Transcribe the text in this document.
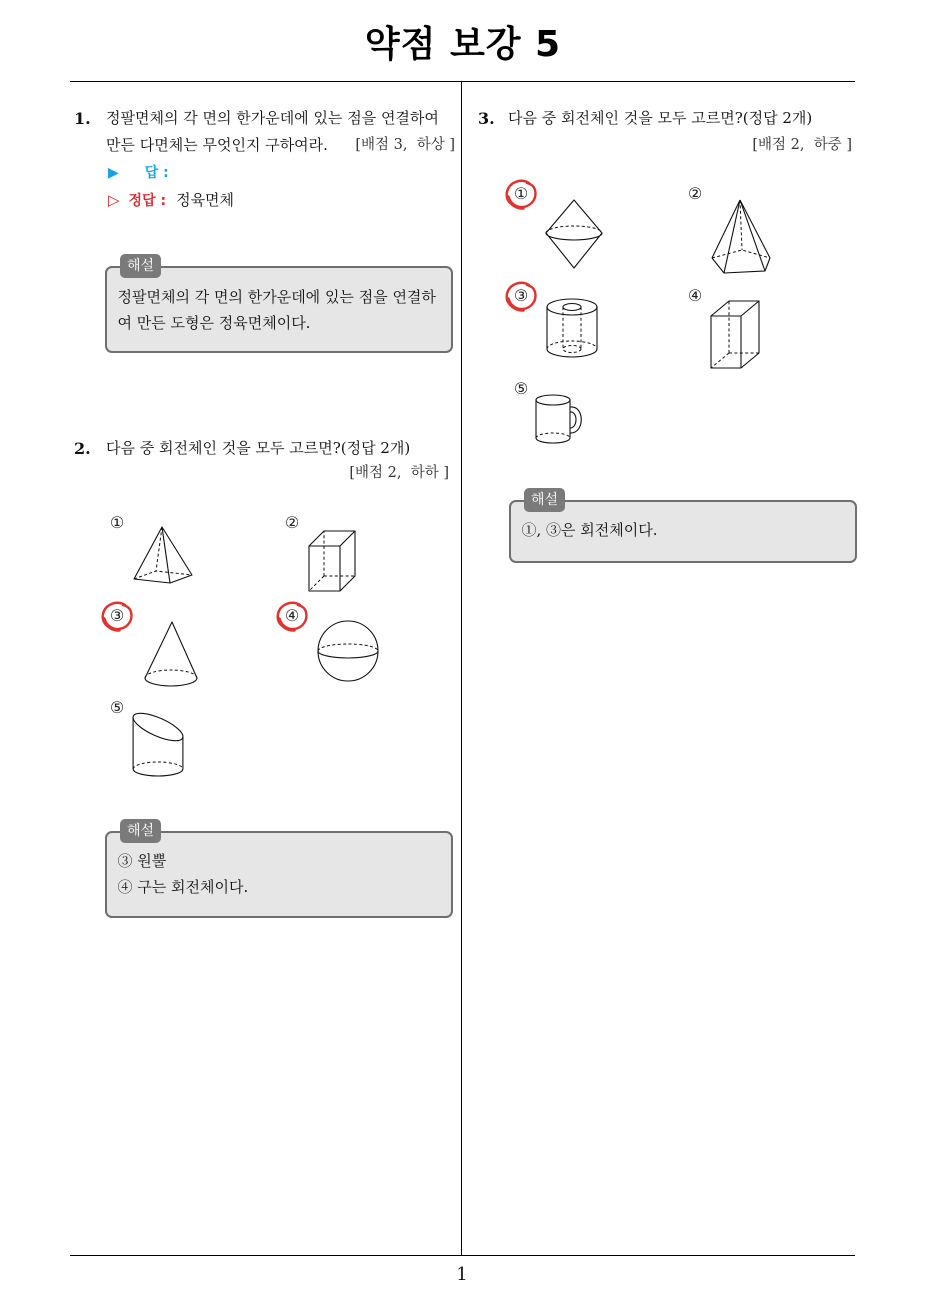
약점 보강 5
1
1. 정팔면체의 각 면의 한가운데에 있는 점을 연결하여
만든 다면체는 무엇인지 구하여라.	[배점 3,  하상 ]
▶ 답 :
▷ 정답 : 정육면체
정팔면체의 각 면의 한가운데에 있는 점을 연결하
여 만든 도형은 정육면체이다.
해설
2. 다음 중 회전체인 것을 모두 고르면?(정답 2개)
[배점 2,  하하 ]
①	②
③	④
⑤
③ 원뿔
④ 구는 회전체이다.
해설
3. 다음 중 회전체인 것을 모두 고르면?(정답 2개)
[배점 2,  하중 ]
①	②
③	④
⑤
①, ③은 회전체이다.
해설
